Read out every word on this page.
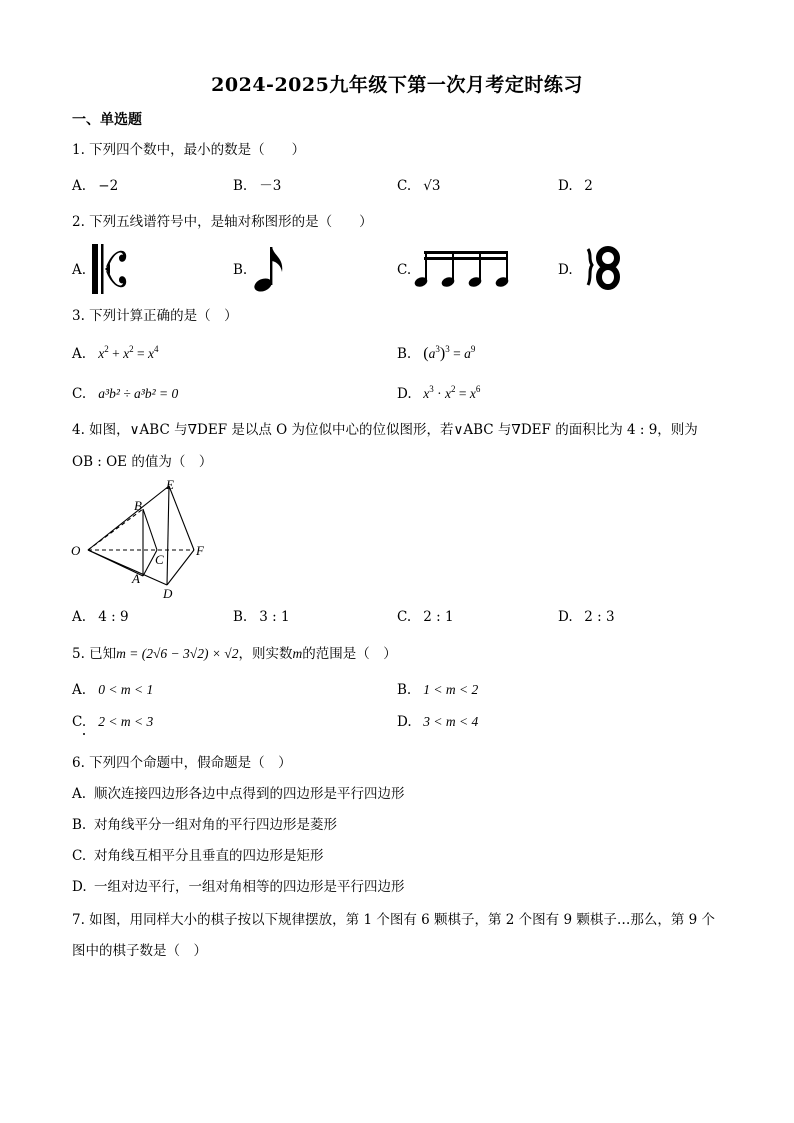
2024-2025九年级下第一次月考定时练习
一、单选题
1. 下列四个数中，最小的数是（　　）
A. −2	B. －3	C. √3	D. 2
2. 下列五线谱符号中，是轴对称图形的是（　　）
A.	B.	C.	D.
3. 下列计算正确的是（　）
A. $x^2 + x^2 = x^4$	B. $(a^3)^3 = a^9$
C. a³b² ÷ a³b² = 0	D. $x^3 \cdot x^2 = x^6$
4. 如图，∨ABC 与∇DEF 是以点 O 为位似中心的位似图形，若∨ABC 与∇DEF 的面积比为 4 : 9，则为
OB : OE 的值为（　）
O
B
E
C
F
A
D
A. 4 : 9	B. 3 : 1	C. 2 : 1	D. 2 : 3
5. 已知m = (2√6 − 3√2) × √2，则实数m的范围是（　）
A. 0 < m < 1	B. 1 < m < 2
C. 2 < m < 3	D. 3 < m < 4
6. 下列四个命题中，假命题是（　）
A. 顺次连接四边形各边中点得到的四边形是平行四边形
B. 对角线平分一组对角的平行四边形是菱形
C. 对角线互相平分且垂直的四边形是矩形
D. 一组对边平行，一组对角相等的四边形是平行四边形
7. 如图，用同样大小的棋子按以下规律摆放，第 1 个图有 6 颗棋子，第 2 个图有 9 颗棋子…那么，第 9 个
图中的棋子数是（　）
